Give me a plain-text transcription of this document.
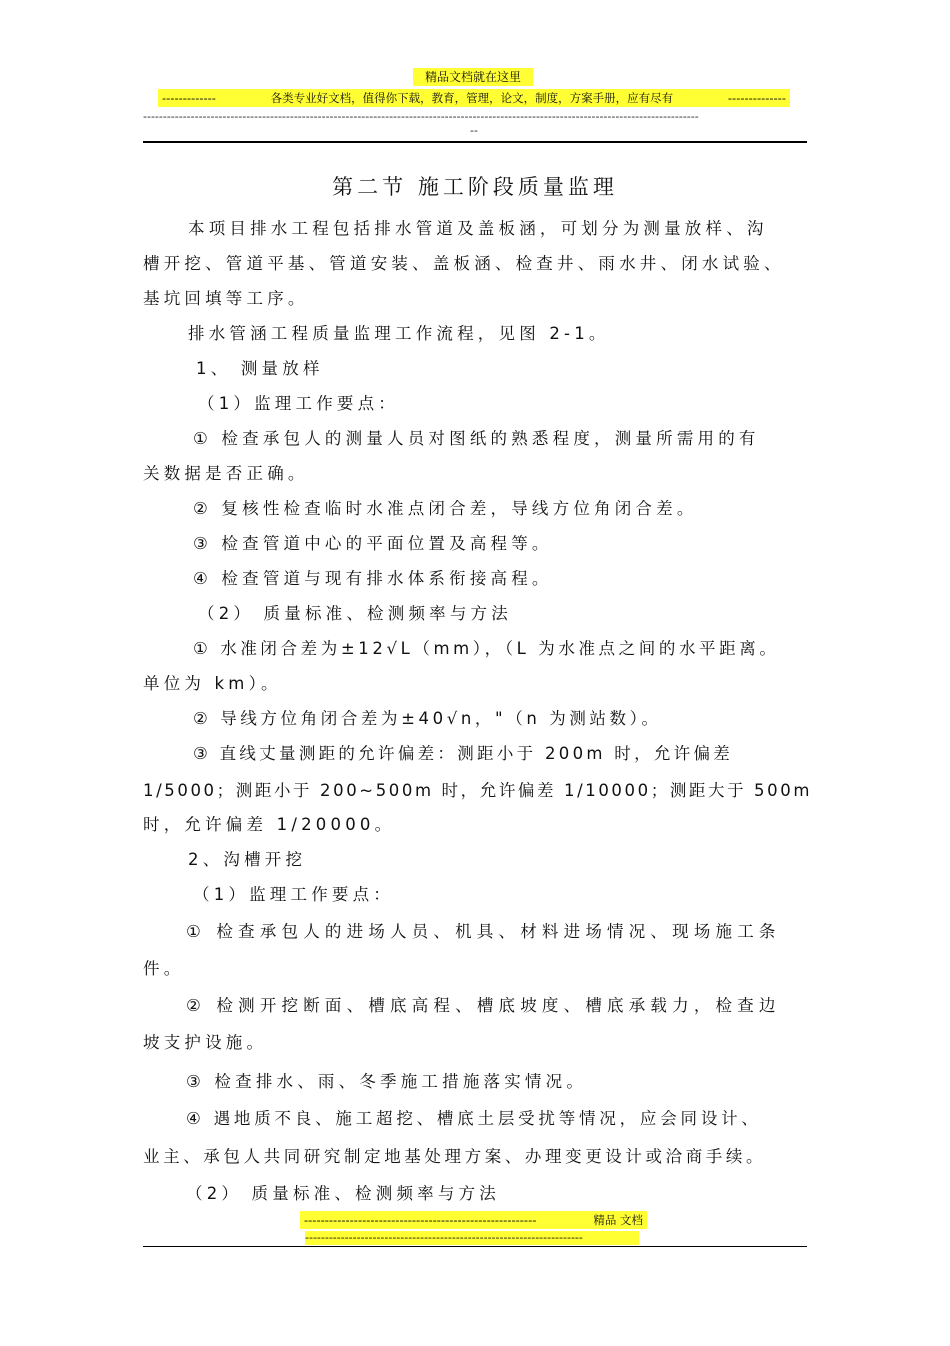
精品文档就在这里
-------------	各类专业好文档，值得你下载，教育，管理，论文，制度，方案手册，应有尽有	--------------
--------------------------------------------------------------------------------------------------------------------------------------------
--
第二节 施工阶段质量监理
本项目排水工程包括排水管道及盖板涵，可划分为测量放样、沟
槽开挖、管道平基、管道安装、盖板涵、检查井、雨水井、闭水试验、
基坑回填等工序。
排水管涵工程质量监理工作流程，见图 2-1。
1、 测量放样
（1）监理工作要点：
① 检查承包人的测量人员对图纸的熟悉程度，测量所需用的有
关数据是否正确。
② 复核性检查临时水准点闭合差，导线方位角闭合差。
③ 检查管道中心的平面位置及高程等。
④ 检查管道与现有排水体系衔接高程。
（2） 质量标准、检测频率与方法
① 水准闭合差为±12√L（mm），（L 为水准点之间的水平距离。
单位为 km）。
② 导线方位角闭合差为±40√n，"（n 为测站数）。
③ 直线丈量测距的允许偏差：测距小于 200m 时，允许偏差
1/5000；测距小于 200~500m 时，允许偏差 1/10000；测距大于 500m
时，允许偏差 1/20000。
2、沟槽开挖
（1）监理工作要点：
① 检查承包人的进场人员、机具、材料进场情况、现场施工条
件。
② 检测开挖断面、槽底高程、槽底坡度、槽底承载力，检查边
坡支护设施。
③ 检查排水、雨、冬季施工措施落实情况。
④ 遇地质不良、施工超挖、槽底土层受扰等情况，应会同设计、
业主、承包人共同研究制定地基处理方案、办理变更设计或洽商手续。
（2） 质量标准、检测频率与方法
--------------------------------------------------------	精品 文档
----------------------------------------------------------------------
